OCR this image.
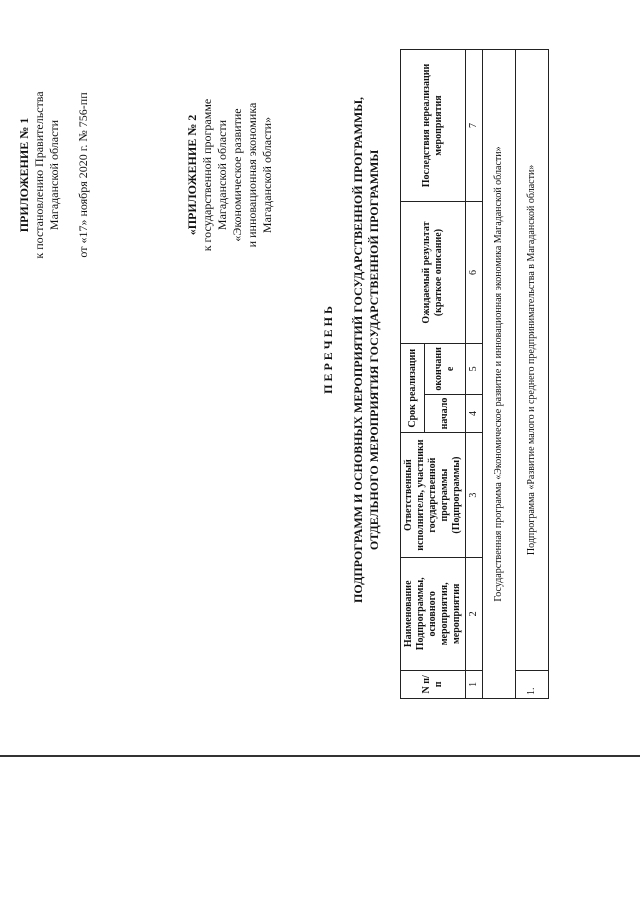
ПРИЛОЖЕНИЕ № 1 к постановлению Правительства Магаданской области от «17» ноября 2020 г. № 756-пп	«ПРИЛОЖЕНИЕ № 2 к государственной программе Магаданской области «Экономическое развитие и инновационная экономика Магаданской области»
П Е Р Е Ч Е Н Ь ПОДПРОГРАММ И ОСНОВНЫХ МЕРОПРИЯТИЙ ГОСУДАРСТВЕННОЙ ПРОГРАММЫ, ОТДЕЛЬНОГО МЕРОПРИЯТИЯ ГОСУДАРСТВЕННОЙ ПРОГРАММЫ
N п/п	Наименование Подпрограммы, основного мероприятия, мероприятия	Ответственный исполнитель, участники государственной программы (Подпрограммы)	Срок реализации		Ожидаемый результат (краткое описание)	Последствия нереализации мероприятия
			начало	окончани е		
1	2	3	4	5	6	7
Государственная программа «Экономическое развитие и инновационная экономика Магаданской области»						
1.	Подпрограмма «Развитие малого и среднего предпринимательства в Магаданской области»					
